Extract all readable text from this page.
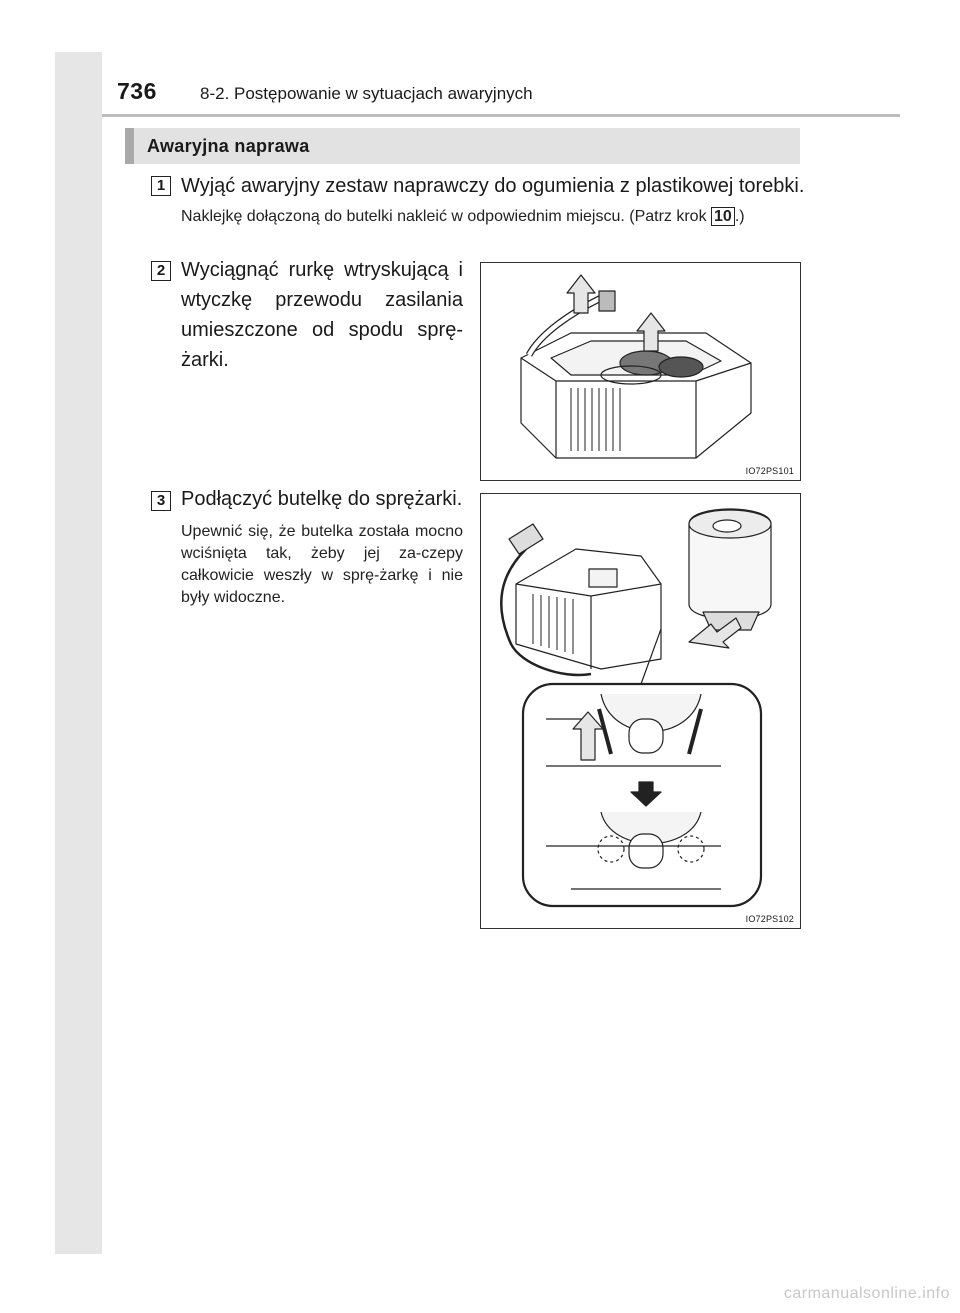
736	8-2. Postępowanie w sytuacjach awaryjnych
Awaryjna naprawa
1 Wyjąć awaryjny zestaw naprawczy do ogumienia z plastikowej torebki.
Naklejkę dołączoną do butelki nakleić w odpowiednim miejscu. (Patrz krok 10 .)
2 Wyciągnąć rurkę wtryskującą i wtyczkę przewodu zasilania umieszczone od spodu sprę-żarki.
IO72PS101
3 Podłączyć butelkę do sprężarki.
Upewnić się, że butelka została mocno wciśnięta tak, żeby jej za-czepy całkowicie weszły w sprę-żarkę i nie były widoczne.
IO72PS102
carmanualsonline.info
